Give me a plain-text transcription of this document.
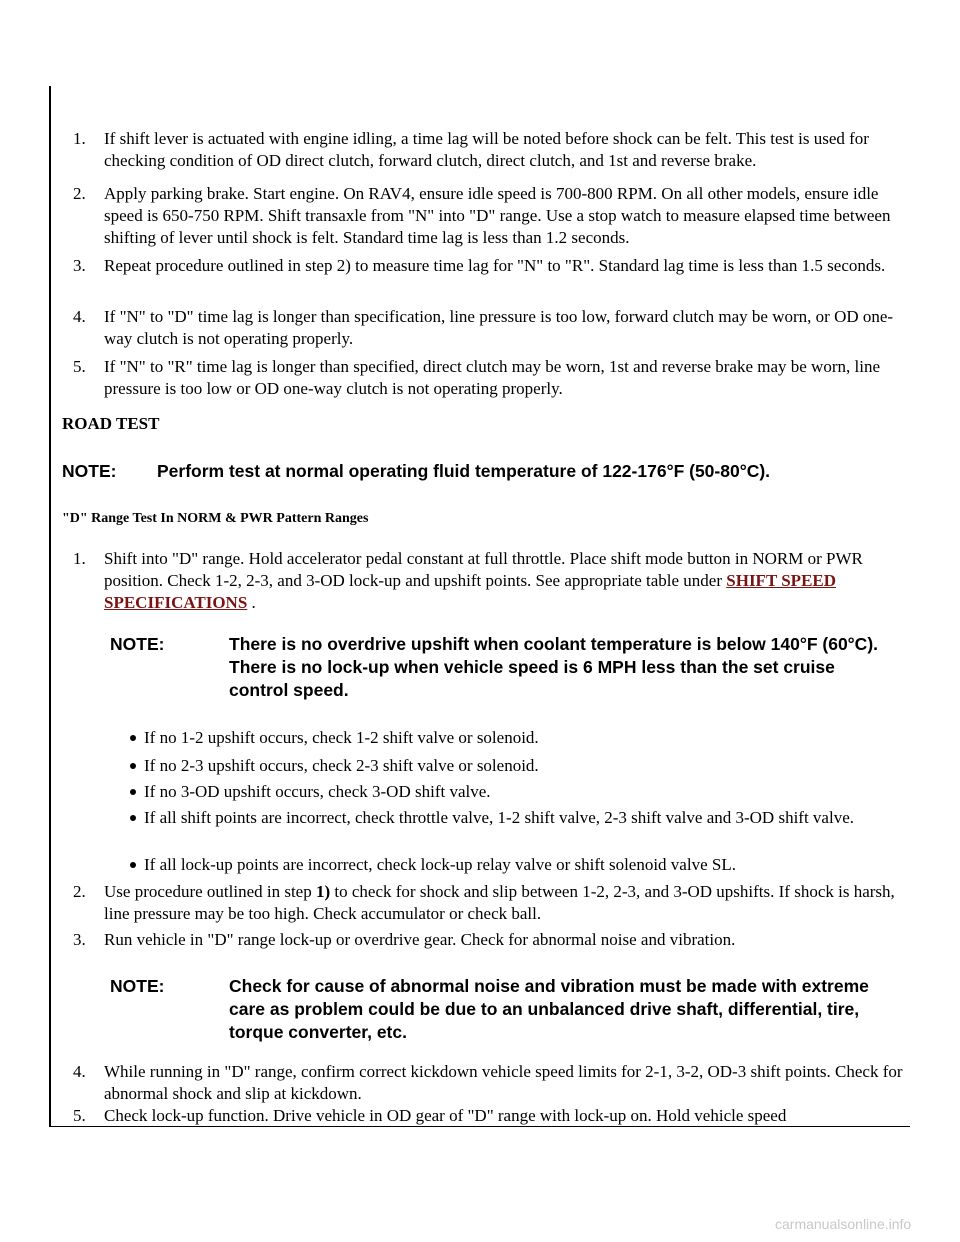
1. If shift lever is actuated with engine idling, a time lag will be noted before shock can be felt. This test is used for checking condition of OD direct clutch, forward clutch, direct clutch, and 1st and reverse brake.
2. Apply parking brake. Start engine. On RAV4, ensure idle speed is 700-800 RPM. On all other models, ensure idle speed is 650-750 RPM. Shift transaxle from "N" into "D" range. Use a stop watch to measure elapsed time between shifting of lever until shock is felt. Standard time lag is less than 1.2 seconds.
3. Repeat procedure outlined in step 2) to measure time lag for "N" to "R". Standard lag time is less than 1.5 seconds.
4. If "N" to "D" time lag is longer than specification, line pressure is too low, forward clutch may be worn, or OD one-way clutch is not operating properly.
5. If "N" to "R" time lag is longer than specified, direct clutch may be worn, 1st and reverse brake may be worn, line pressure is too low or OD one-way clutch is not operating properly.
ROAD TEST
NOTE: Perform test at normal operating fluid temperature of 122-176°F (50-80°C).
"D" Range Test In NORM & PWR Pattern Ranges
1. Shift into "D" range. Hold accelerator pedal constant at full throttle. Place shift mode button in NORM or PWR position. Check 1-2, 2-3, and 3-OD lock-up and upshift points. See appropriate table under SHIFT SPEED SPECIFICATIONS .
NOTE:	There is no overdrive upshift when coolant temperature is below 140°F (60°C). There is no lock-up when vehicle speed is 6 MPH less than the set cruise control speed.
If no 1-2 upshift occurs, check 1-2 shift valve or solenoid.
If no 2-3 upshift occurs, check 2-3 shift valve or solenoid.
If no 3-OD upshift occurs, check 3-OD shift valve.
If all shift points are incorrect, check throttle valve, 1-2 shift valve, 2-3 shift valve and 3-OD shift valve.
If all lock-up points are incorrect, check lock-up relay valve or shift solenoid valve SL.
2. Use procedure outlined in step 1) to check for shock and slip between 1-2, 2-3, and 3-OD upshifts. If shock is harsh, line pressure may be too high. Check accumulator or check ball.
3. Run vehicle in "D" range lock-up or overdrive gear. Check for abnormal noise and vibration.
NOTE:	Check for cause of abnormal noise and vibration must be made with extreme care as problem could be due to an unbalanced drive shaft, differential, tire, torque converter, etc.
4. While running in "D" range, confirm correct kickdown vehicle speed limits for 2-1, 3-2, OD-3 shift points. Check for abnormal shock and slip at kickdown.
5. Check lock-up function. Drive vehicle in OD gear of "D" range with lock-up on. Hold vehicle speed
carmanualsonline.info
